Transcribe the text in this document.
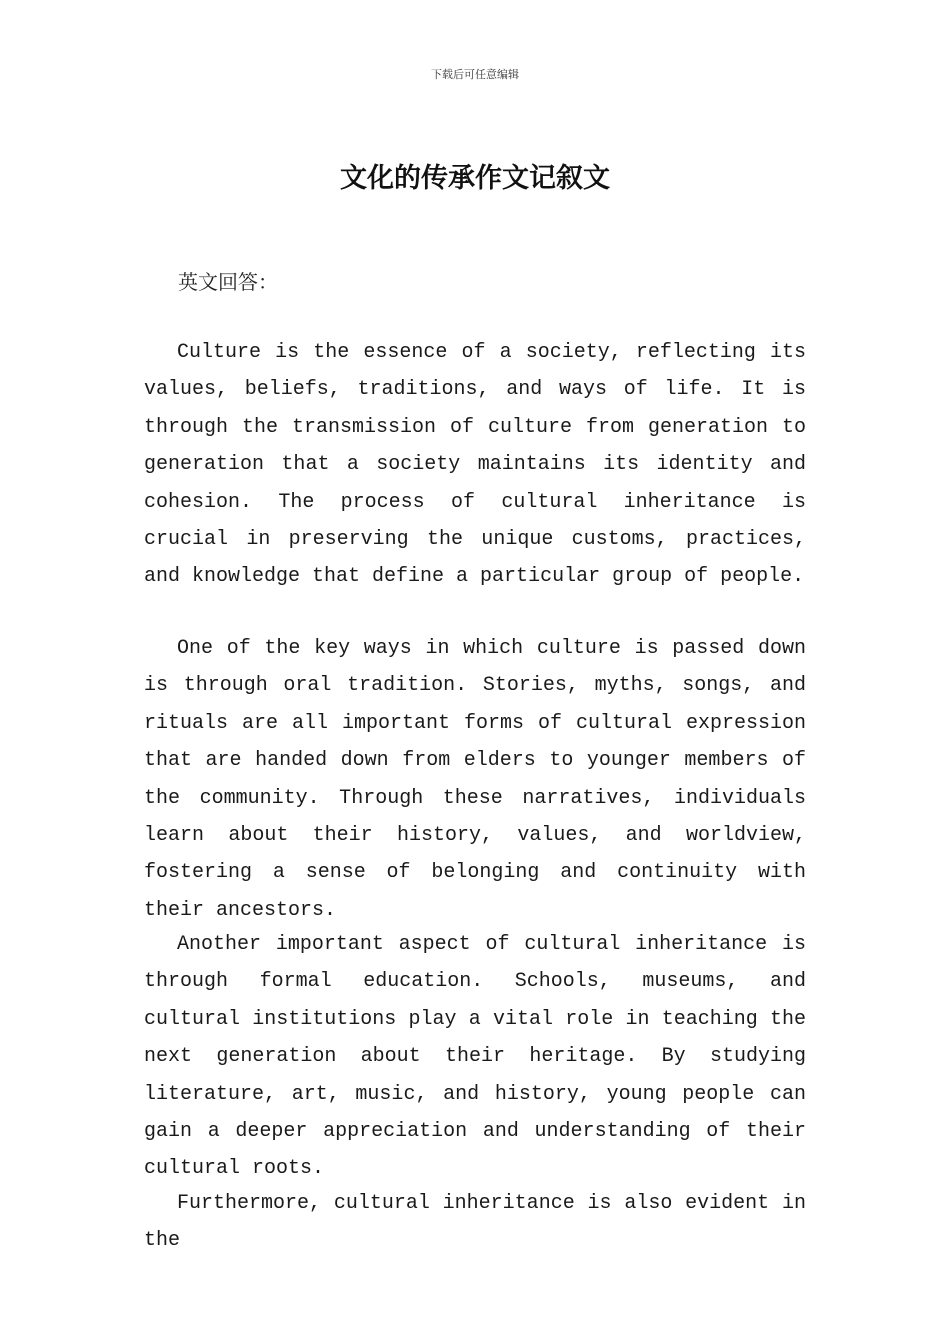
下载后可任意编辑
文化的传承作文记叙文

英文回答：

Culture is the essence of a society, reflecting its values, beliefs, traditions, and ways of life. It is through the transmission of culture from generation to generation that a society maintains its identity and cohesion. The process of cultural inheritance is crucial in preserving the unique customs, practices, and knowledge that define a particular group of people.

One of the key ways in which culture is passed down is through oral tradition. Stories, myths, songs, and rituals are all important forms of cultural expression that are handed down from elders to younger members of the community. Through these narratives, individuals learn about their history, values, and worldview, fostering a sense of belonging and continuity with their ancestors.

Another important aspect of cultural inheritance is through formal education. Schools, museums, and cultural institutions play a vital role in teaching the next generation about their heritage. By studying literature, art, music, and history, young people can gain a deeper appreciation and understanding of their cultural roots.

Furthermore, cultural inheritance is also evident in the
